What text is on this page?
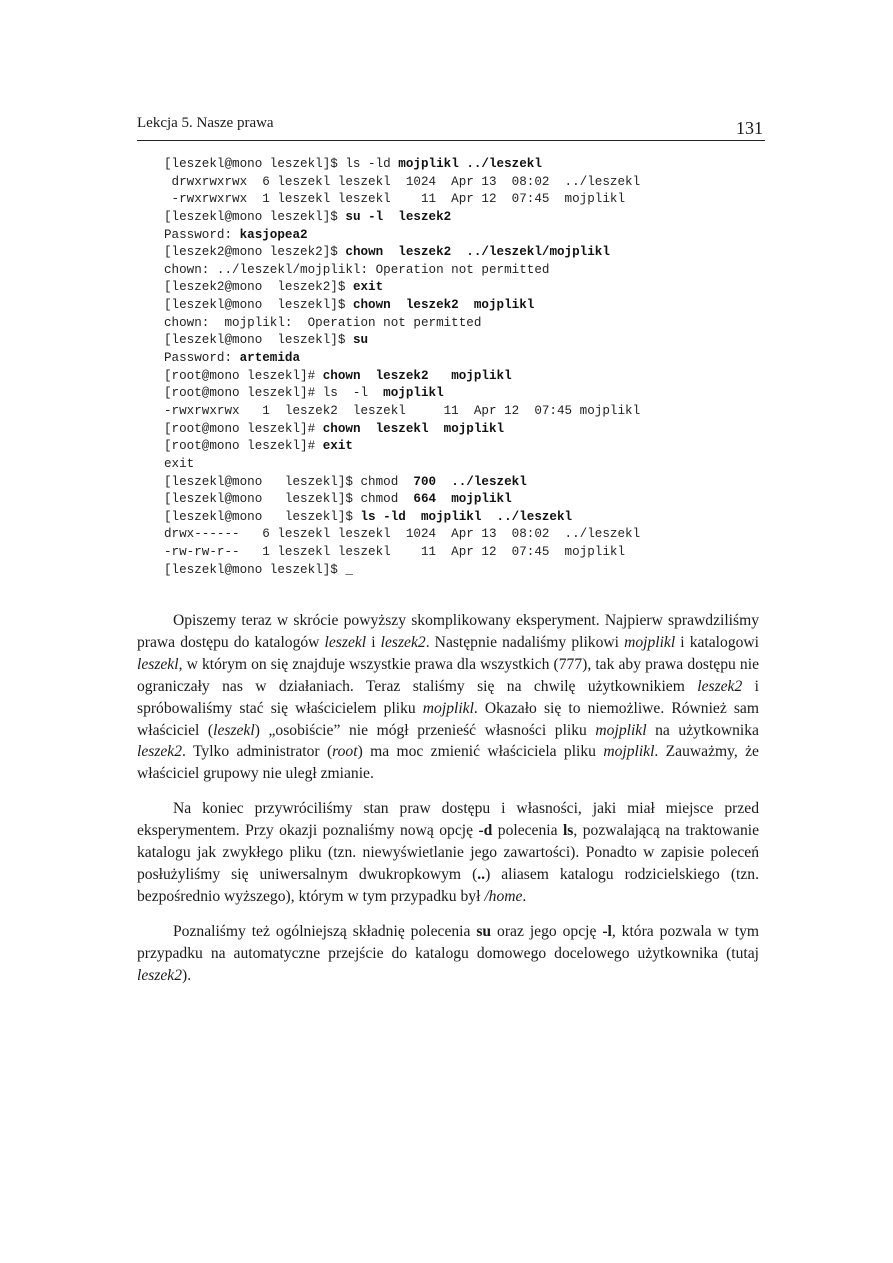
Lekcja 5. Nasze prawa	131
[leszekl@mono leszekl]$ ls -ld mojplikl ../leszekl
drwxrwxrwx  6 leszekl leszekl  1024  Apr 13  08:02  ../leszekl
-rwxrwxrwx  1 leszekl leszekl    11  Apr 12  07:45  mojplikl
[leszekl@mono leszekl]$ su -l  leszek2
Password: kasjopea2
[leszek2@mono leszek2]$ chown  leszek2  ../leszekl/mojplikl
chown: ../leszekl/mojplikl: Operation not permitted
[leszek2@mono  leszek2]$ exit
[leszekl@mono  leszekl]$ chown  leszek2  mojplikl
chown:  mojplikl:  Operation not permitted
[leszekl@mono  leszekl]$ su
Password: artemida
[root@mono leszekl]# chown  leszek2   mojplikl
[root@mono leszekl]# ls  -l  mojplikl
-rwxrwxrwx   1  leszek2  leszekl     11  Apr 12  07:45 mojplikl
[root@mono leszekl]# chown  leszekl  mojplikl
[root@mono leszekl]# exit
exit
[leszekl@mono   leszekl]$ chmod  700  ../leszekl
[leszekl@mono   leszekl]$ chmod  664  mojplikl
[leszekl@mono   leszekl]$ ls -ld  mojplikl  ../leszekl
drwx------   6 leszekl leszekl  1024  Apr 13  08:02  ../leszekl
-rw-rw-r--   1 leszekl leszekl    11  Apr 12  07:45  mojplikl
[leszekl@mono leszekl]$ _

Opiszemy teraz w skrócie powyższy skomplikowany eksperyment. Najpierw sprawdziliśmy prawa dostępu do katalogów leszekl i leszek2. Następnie nadaliśmy plikowi mojplikl i katalogowi leszekl, w którym on się znajduje wszystkie prawa dla wszystkich (777), tak aby prawa dostępu nie ograniczały nas w działaniach. Teraz staliśmy się na chwilę użytkownikiem leszek2 i spróbowaliśmy stać się właścicielem pliku mojplikl. Okazało się to niemożliwe. Również sam właściciel (leszekl) „osobiście” nie mógł przenieść własności pliku mojplikl na użytkownika leszek2. Tylko administrator (root) ma moc zmienić właściciela pliku mojplikl. Zauważmy, że właściciel grupowy nie uległ zmianie.

Na koniec przywróciliśmy stan praw dostępu i własności, jaki miał miejsce przed eksperymentem. Przy okazji poznaliśmy nową opcję -d polecenia ls, pozwalającą na traktowanie katalogu jak zwykłego pliku (tzn. niewyświetlanie jego zawartości). Ponadto w zapisie poleceń posłużyliśmy się uniwersalnym dwukropkowym (..) aliasem katalogu rodzicielskiego (tzn. bezpośrednio wyższego), którym w tym przypadku był /home.

Poznaliśmy też ogólniejszą składnię polecenia su oraz jego opcję -l, która pozwala w tym przypadku na automatyczne przejście do katalogu domowego docelowego użytkownika (tutaj leszek2).
